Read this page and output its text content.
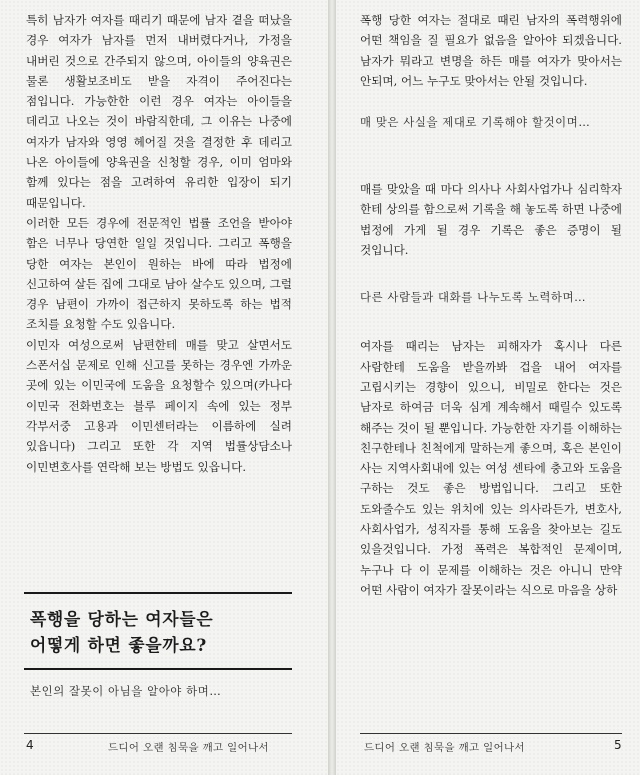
특히 남자가 여자를 때리기 때문에 남자 곁을 떠났을 경우 여자가 남자를 먼저 내버렸다거나, 가정을 내버린 것으로 간주되지 않으며, 아이들의 양육권은 물론 생활보조비도 받을 자격이 주어진다는 점입니다. 가능한한 이런 경우 여자는 아이들을 데리고 나오는 것이 바람직한데, 그 이유는 나중에 여자가 남자와 영영 헤어질 것을 결정한 후 데리고 나온 아이들에 양육권을 신청할 경우, 이미 엄마와 함께 있다는 점을 고려하여 유리한 입장이 되기 때문입니다.

이러한 모든 경우에 전문적인 법률 조언을 받아야 함은 너무나 당연한 일일 것입니다. 그리고 폭행을 당한 여자는 본인이 원하는 바에 따라 법정에 신고하여 살든 집에 그대로 남아 살수도 있으며, 그럴 경우 남편이 가까이 접근하지 못하도록 하는 법적 조치를 요청할 수도 있읍니다.

이민자 여성으로써 남편한테 매를 맞고 살면서도 스폰서십 문제로 인해 신고를 못하는 경우엔 가까운 곳에 있는 이민국에 도움을 요청할수 있으며(카나다 이민국 전화번호는 블루 페이지 속에 있는 정부 각부서중 고용과 이민센터라는 이름하에 실려 있읍니다) 그리고 또한 각 지역 법률상담소나 이민변호사를 연락해 보는 방법도 있읍니다.

폭행을 당하는 여자들은
어떻게 하면 좋을까요?
본인의 잘못이 아님을 알아야 하며…
4	드디어 오랜 침묵을 깨고 일어나서

폭행 당한 여자는 절대로 때린 남자의 폭력행위에 어떤 책임을 질 필요가 없음을 알아야 되겠읍니다. 남자가 뭐라고 변명을 하든 매를 여자가 맞아서는 안되며, 어느 누구도 맞아서는 안될 것입니다.

매 맞은 사실을 제대로 기록해야 할것이며…

매를 맞았을 때 마다 의사나 사회사업가나 심리학자 한테 상의를 함으로써 기록을 해 놓도록 하면 나중에 법정에 가게 될 경우 기록은 좋은 증명이 될 것입니다.

다른 사람들과 대화를 나누도록 노력하며…

여자를 때리는 남자는 피해자가 혹시나 다른 사람한테 도움을 받을까봐 겁을 내어 여자를 고립시키는 경향이 있으니, 비밀로 한다는 것은 남자로 하여금 더욱 심게 계속해서 때릴수 있도록 해주는 것이 될 뿐입니다. 가능한한 자기를 이해하는 친구한테나 친척에게 말하는게 좋으며, 혹은 본인이 사는 지역사회내에 있는 여성 센타에 충고와 도움을 구하는 것도 좋은 방법입니다. 그리고 또한 도와줄수도 있는 위치에 있는 의사라든가, 변호사, 사회사업가, 성직자를 통해 도움을 찾아보는 길도 있을것입니다. 가정 폭력은 복합적인 문제이며, 누구나 다 이 문제를 이해하는 것은 아니니 만약 어떤 사람이 여자가 잘못이라는 식으로 마음을 상하

드디어 오랜 침묵을 깨고 일어나서	5
